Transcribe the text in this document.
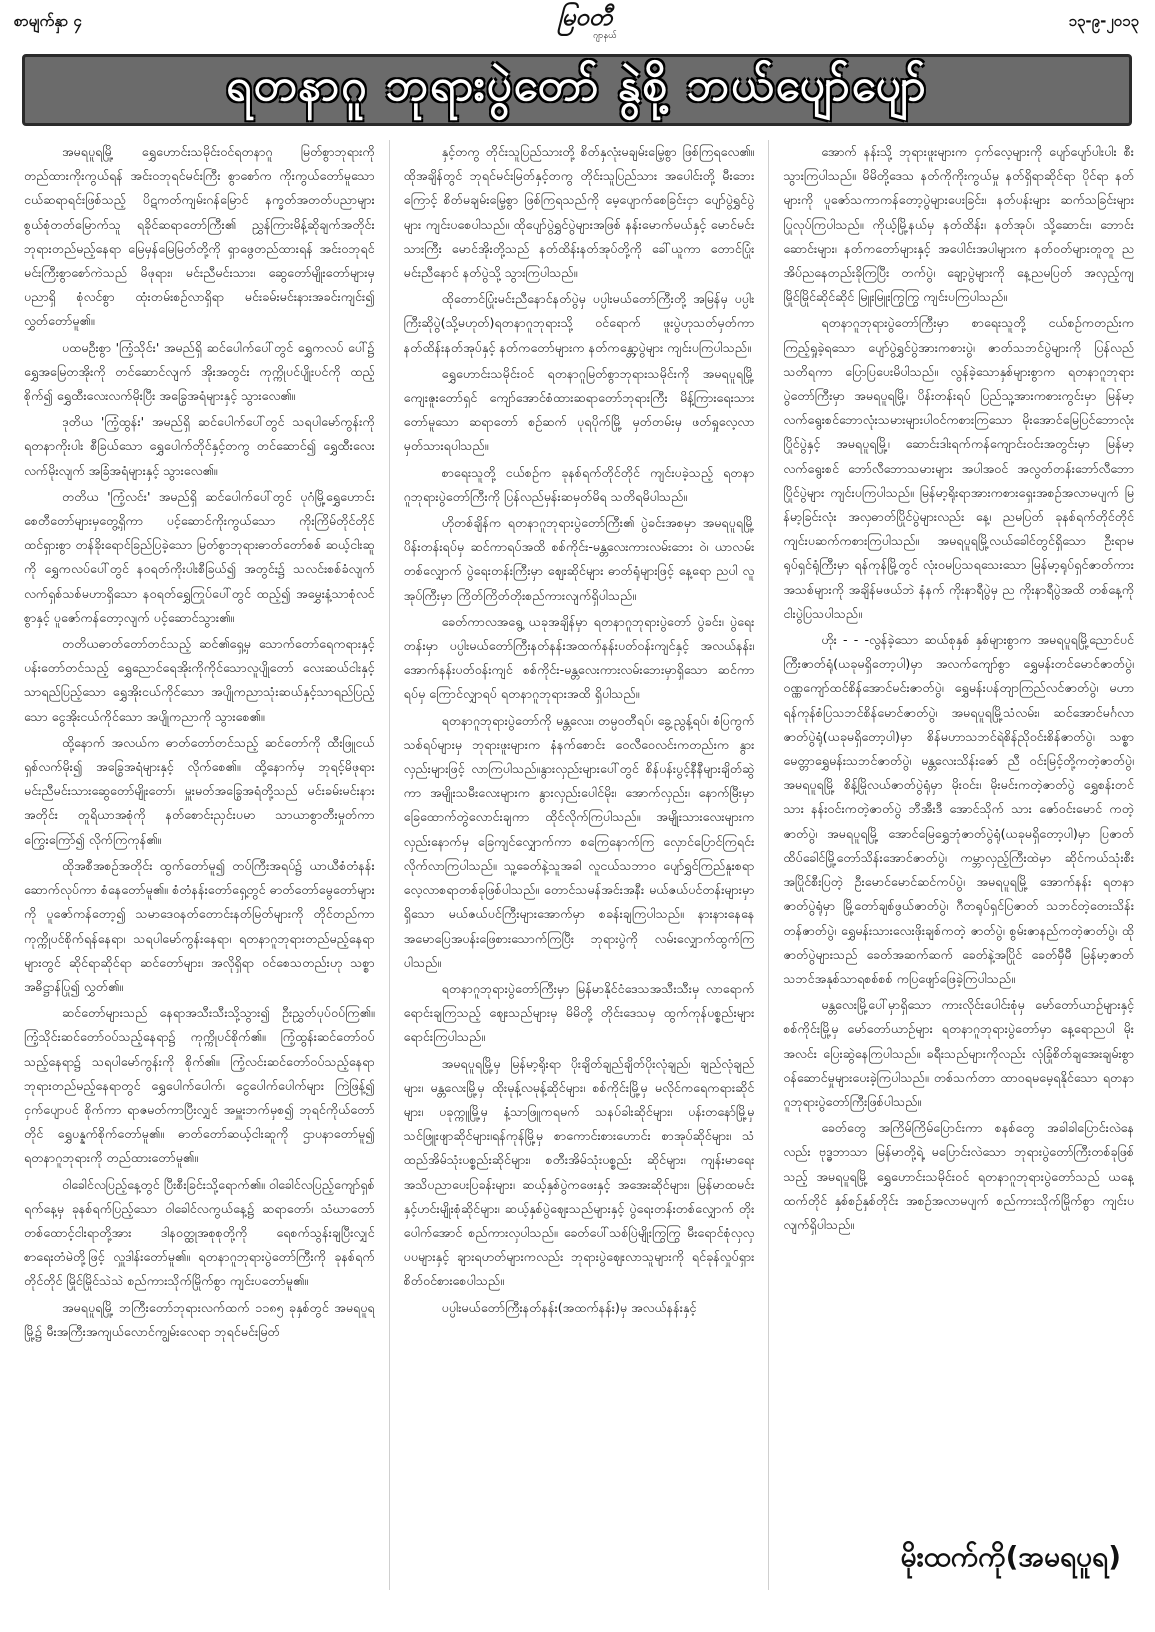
စာမျက်နှာ ၄	မြဝတီ
ဂျာနယ်
၁၃-၉-၂၀၁၃
ရတနာဂူ ဘုရားပွဲတော် နွဲစို့ ဘယ်ပျော်ပျော်

အမရပူရမြို့ ရွှေဟောင်းသမိုင်းဝင်ရတနာဂူ မြတ်စွာဘုရားကို တည်ထားကိုးကွယ်ရန် အင်းဝဘုရင်မင်းကြီး စွာစော်က ကိုးကွယ်တော်မူသော ငယ်ဆရာရင်းဖြစ်သည့် ပိဋကတ်ကျမ်းဂန်မြောင် နက္ခတ်အတတ်ပညာများ စွယ်စုံတတ်မြောက်သူ ရခိုင်ဆရာတော်ကြီး၏ ညွှန်ကြားမိန့်ဆိုချက်အတိုင်း ဘုရားတည်မည့်နေရာ မြေမှန်မြေမြတ်တို့ကို ရှာဖွေတည်ထားရန် အင်းဝဘုရင်မင်းကြီးစွာစော်ကဲသည် မိဖုရား၊ မင်းညီမင်းသား၊ ဆွေတော်မျိုးတော်များမှ ပညာရှိ စုံလင်စွာ ထုံးတမ်းစဉ်လာရှိရာ မင်းခမ်းမင်းနားအခင်းကျင်း၍ လွှတ်တော်မူ၏။

ပထမဦးစွာ 'ကြံ့သိုင်း' အမည်ရှိ ဆင်ပေါက်ပေါ်တွင် ရွှေကလပ် ပေါ်၌ ရွှေအမြေတအိုးကို တင်ဆောင်လျက် အိုးအတွင်း ကုက္ကိုပင်ပျိုးပင်ကို ထည့်စိုက်၍ ရွှေထီးလေးလက်မိုးပြီး အခြွေအရံများနှင့် သွားလေ၏။

ဒုတိယ 'ကြံ့ထွန်း' အမည်ရှိ ဆင်ပေါက်ပေါ်တွင် သရပါမော်ကွန်းကို ရတနာကိုးပါး စီခြယ်သော ရွှေပေါက်တိုင်နှင့်တကွ တင်ဆောင်၍ ရွှေထီးလေးလက်မိုးလျက် အခြံအရံများနှင့် သွားလေ၏။

တတိယ 'ကြံ့လင်း' အမည်ရှိ ဆင်ပေါက်ပေါ်တွင် ပုဂံမြို့ရွှေဟောင်းစေတီတော်များမှတွေ့ရှိကာ ပင့်ဆောင်ကိုးကွယ်သော ကိုးကြိမ်တိုင်တိုင် ထင်ရှားစွာ တန်ခိုးရောင်ခြည်ပြခဲ့သော မြတ်စွာဘုရားဓာတ်တော်စစ် ဆယ့်ငါးဆူကို ရွှေကလပ်ပေါ်တွင် နဝရတ်ကိုးပါးစီခြယ်၍ အတွင်း၌ သလင်းစစ်ခံလျက် လက်ရှစ်သစ်မဟာရှိသော နဝရတ်ရွှေကြုပ်ပေါ်တွင် ထည့်၍ အမွှေးနံ့သာစုံလင်စွာနှင့် ပူဇော်ကန်တော့လျက် ပင့်ဆောင်သွား၏။

တတိယဓာတ်တော်တင်သည့် ဆင်၏ရှေ့မှ သောက်တော်ရေကရားနှင့် ပန်းတော်တင်သည့် ရွှေညောင်ရေအိုးကိုကိုင်သောလူပျိုတော် လေးဆယ်ငါးနှင့်သာရည်ပြည့်သော ရွှေအိုးငယ်ကိုင်သော အပျိုကညာသုံးဆယ်နှင့်သာရည်ပြည့်သော ငွေအိုးငယ်ကိုင်သော အပျိုကညာကို သွားစေ၏။

ထို့နောက် အလယ်က ဓာတ်တော်တင်သည့် ဆင်တော်ကို ထီးဖြူငယ် ရှစ်လက်မိုး၍ အခြွေအရံများနှင့် လိုက်စေ၏။ ထို့နောက်မှ ဘုရင့်မိဖုရားမင်းညီမင်းသားဆွေတော်မျိုးတော်၊ မှူးမတ်အခြွေအရံတို့သည် မင်းခမ်းမင်းနားအတိုင်း တူရိယာအစုံကို နတ်စောင်းညှင်းပမာ သာယာစွာတီးမှုတ်ကာ ကြွေးကြော်၍ လိုက်ကြကုန်၏။

ထိုအစီအစဉ်အတိုင်း ထွက်တော်မူ၍ တပ်ကြီးအရပ်၌ ယာယီစံတံနန်းဆောက်လုပ်ကာ စံနေတော်မူ၏။ စံတံနန်းတော်ရှေ့တွင် ဓာတ်တော်မွေတော်များကို ပူဇော်ကန်တော့၍ သမာဒေဝနတ်တောင်းနတ်မြတ်များကို တိုင်တည်ကာ ကုက္ကိုပင်စိုက်ရန်နေရာ၊ သရပါမော်ကွန်းနေရာ၊ ရတနာဂူဘုရားတည်မည့်နေရာများတွင် ဆိုင်ရာဆိုင်ရာ ဆင်တော်များ၊ အလိုရှိရာ ဝင်စေသတည်းဟု သစ္စာအဓိဋ္ဌာန်ပြု၍ လွှတ်၏။

ဆင်တော်များသည် နေရာအသီးသီးသို့သွား၍ ဦးညွှတ်ပုပ်ဝပ်ကြ၏။ ကြံ့သိုင်းဆင်တော်ဝပ်သည့်နေရာ၌ ကုက္ကိုပင်စိုက်၏။ ကြံ့ထွန်းဆင်တော်ဝပ်သည့်နေရာ၌ သရပါမော်ကွန်းကို စိုက်၏။ ကြံ့လင်းဆင်တော်ဝပ်သည့်နေရာ ဘုရားတည်မည့်နေရာတွင် ရွှေပေါက်ပေါက်၊ ငွေပေါက်ပေါက်များ ကြဲဖြန့်၍ ငှက်ပျောပင် စိုက်ကာ ရာဇမတ်ကာပြီးလျှင် အမှူးဘက်မှစ၍ ဘုရင်ကိုယ်တော်တိုင် ရွှေပန္နက်စိုက်တော်မူ၏။ ဓာတ်တော်ဆယ့်ငါးဆူကို ဌာပနာတော်မူ၍ ရတနာဂူဘုရားကို တည်ထားတော်မူ၏။

ဝါခေါင်လပြည့်နေ့တွင် ပြီးစီးခြင်းသို့ရောက်၏။ ဝါခေါင်လပြည့်ကျော်ရှစ်ရက်နေ့မှ ခုနစ်ရက်ပြည့်သော ဝါခေါင်လကွယ်နေ့၌ ဆရာတော်၊ သံဃာတော်တစ်ထောင့်ငါးရာတို့အား ဒါနဝတ္ထုအစုစုတို့ကို ရေစက်သွန်းချပြီးလျှင် စာရေးတံမဲတို့ဖြင့် လှူဒါန်းတော်မူ၏။ ရတနာဂူဘုရားပွဲတော်ကြီးကို ခုနစ်ရက်တိုင်တိုင် မြိုင်မြိုင်သဲသဲ စည်ကားသိုက်မြိုက်စွာ ကျင်းပတော်မူ၏။

အမရပူရမြို့ ဘကြီးတော်ဘုရားလက်ထက် ၁၁၈၅ ခုနှစ်တွင် အမရပူရမြို့၌ မီးအကြီးအကျယ်လောင်ကျွမ်းလေရာ ဘုရင်မင်းမြတ်

နှင့်တကွ တိုင်းသူပြည်သားတို့ စိတ်နှလုံးမချမ်းမြေ့စွာ ဖြစ်ကြရလေ၏။ ထိုအချိန်တွင် ဘုရင်မင်းမြတ်နှင့်တကွ တိုင်းသူပြည်သား အပေါင်းတို့ မီးဘေးကြောင့် စိတ်မချမ်းမြေ့စွာ ဖြစ်ကြရသည်ကို မေ့ပျောက်စေခြင်းငှာ ပျော်ပွဲရွှင်ပွဲများ ကျင်းပစေပါသည်။ ထိုပျော်ပွဲရွှင်ပွဲများအဖြစ် နန်းမောက်မယ်နှင့် မောင်မင်းသားကြီး မောင်အိုးတို့သည် နတ်ထိန်းနတ်အုပ်တို့ကို ခေါ်ယူကာ တောင်ပြုံးမင်းညီနောင် နတ်ပွဲသို့ သွားကြပါသည်။

ထိုတောင်ပြုံးမင်းညီနောင်နတ်ပွဲမှ ပပ္ပါးမယ်တော်ကြီးတို့ အမြန်မှ ပပ္ပါးကြီးဆိုပွဲ(သို့မဟုတ်)ရတနာဂူဘုရားသို့ ဝင်ရောက် ဖူးပွဲဟုသတ်မှတ်ကာ နတ်ထိန်းနတ်အုပ်နှင့် နတ်ကတော်များက နတ်ကန္တော့ပွဲများ ကျင်းပကြပါသည်။

ရွှေဟောင်းသမိုင်းဝင် ရတနာဂူမြတ်စွာဘုရားသမိုင်းကို အမရပူရမြို့ ကျေးဇူးတော်ရှင် ကျော်အောင်စံထားဆရာတော်ဘုရားကြီး မိန့်ကြားရေးသားတော်မူသော ဆရာတော် စဉ်ဆက် ပုရပိုက်မြို့ မှတ်တမ်းမှ ဖတ်ရှုလေ့လာမှတ်သားရပါသည်။

စာရေးသူတို့ ငယ်စဉ်က ခုနစ်ရက်တိုင်တိုင် ကျင်းပခဲ့သည့် ရတနာဂူဘုရားပွဲတော်ကြီးကို ပြန်လည်မှန်းဆမှတ်မိရ သတိရမိပါသည်။

ဟိုတစ်ချိန်က ရတနာဂူဘုရားပွဲတော်ကြီး၏ ပွဲခင်းအစမှာ အမရပူရမြို့ ပိန်းတန်းရပ်မှ ဆင်ကာရပ်အထိ စစ်ကိုင်း-မန္တလေးကားလမ်းဘေး ဝဲ၊ ယာလမ်းတစ်လျှောက် ပွဲရေးတန်းကြီးမှာ ဈေးဆိုင်များ ဓာတ်ရုံများဖြင့် နေ့ရော ညပါ လူအုပ်ကြီးမှာ ကြိတ်ကြိတ်တိုးစည်ကားလျက်ရှိပါသည်။

ခေတ်ကာလအရွေ့ ယခုအချိန်မှာ ရတနာဂူဘုရားပွဲတော် ပွဲခင်း၊ ပွဲရေးတန်းမှာ ပပ္ပါးမယ်တော်ကြီးနတ်နန်းအထက်နန်းပတ်ဝန်းကျင်နှင့် အလယ်နန်း၊ အောက်နန်းပတ်ဝန်းကျင် စစ်ကိုင်း-မန္တလေးကားလမ်းဘေးမှာရှိသော ဆင်ကာရပ်မှ ကြောင်လျှာရပ် ရတနာဂူဘုရားအထိ ရှိပါသည်။

ရတနာဂူဘုရားပွဲတော်ကို မန္တလေး၊ တမ္ပဝတီရပ်၊ ခွေ့ညွန့်ရပ်၊ စံပြကွက်သစ်ရပ်များမှ ဘုရားဖူးများက နံနက်စောင်း ဝေလီဝေလင်းကတည်းက နွားလှည်းများဖြင့် လာကြပါသည်။နွားလှည်းများပေါ်တွင် စိန်ပန်းပွင့်နီနီများချိတ်ဆွဲကာ အမျိုးသမီးလေးများက နွားလှည်းပေါင်မိုး၊ အောက်လှည်း၊ နောက်မြီးမှာ ခြေထောက်တွဲလောင်းချကာ ထိုင်လိုက်ကြပါသည်။ အမျိုးသားလေးများက လှည်းနောက်မှ ခြေကျင်လျှောက်ကာ စကြေနောက်ကြ လှောင်ပြောင်ကြရင်း လိုက်လာကြပါသည်။ သူ့ခေတ်နဲ့သူအခါ လူငယ်သဘာဝ ပျော်ရွှင်ကြည်နူးစရာ လေ့လာစရာတစ်ခုဖြစ်ပါသည်။ တောင်သမန်အင်းအနီး မယ်ဇယ်ပင်တန်းများမှာရှိသော မယ်ဇယ်ပင်ကြီးများအောက်မှာ စခန်းချကြပါသည်။ နားနားနေနေ အမောပြေအပန်းဖြေစားသောက်ကြပြီး ဘုရားပွဲကို လမ်းလျှောက်ထွက်ကြပါသည်။

ရတနာဂူဘုရားပွဲတော်ကြီးမှာ မြန်မာနိုင်ငံဒေသအသီးသီးမှ လာရောက်ရောင်းချကြသည့် ဈေးသည်များမှ မိမိတို့ တိုင်းဒေသမှ ထွက်ကုန်ပစ္စည်းများ ရောင်းကြပါသည်။

အမရပူရမြို့မှ မြန်မာ့ရိုးရာ ပိုးချိတ်ချည်ချိတ်ပိုးလုံချည်၊ ချည်လုံချည်များ၊ မန္တလေးမြို့မှ ထိုးမုန့်လမုန့်ဆိုင်များ၊ စစ်ကိုင်းမြို့မှ မလိုင်ကရေကရားဆိုင်များ၊ ပခုက္ကူမြို့မှ နံ့သာဖြူကရမက် သနပ်ခါးဆိုင်များ၊ ပန်းတနော်မြို့မှ သင်ဖြူးဖျာဆိုင်များ၊ရန်ကုန်မြို့မှ စာကောင်းစားဟောင်း စာအုပ်ဆိုင်များ၊ သံထည်အိမ်သုံးပစ္စည်းဆိုင်များ၊ စတီးအိမ်သုံးပစ္စည်း ဆိုင်များ၊ ကျန်းမာရေးအသိပညာပေးပြခန်းများ၊ ဆယ့်နှစ်ပွဲကဖေးနှင့် အအေးဆိုင်များ၊ မြန်မာထမင်းနှင့်ဟင်းမျိုးစုံဆိုင်များ၊ ဆယ့်နှစ်ပွဲဈေးသည်များနှင့် ပွဲရေးတန်းတစ်လျှောက် တိုးပေါက်အောင် စည်ကားလှပါသည်။ ခေတ်ပေါ်သစ်ပြဲမျိုးကြွကြွ မီးရောင်စုံလှလှပပများနှင့် ချားရဟတ်များကလည်း ဘုရားပွဲဈေးလာသူများကို ရင်ခုန်လှုပ်ရှားစိတ်ဝင်စားစေပါသည်။

ပပ္ပါးမယ်တော်ကြီးနတ်နန်း(အထက်နန်း)မှ အလယ်နန်းနှင့်

အောက် နန်းသို့ ဘုရားဖူးများက ငှက်လေ့များကို ပျော်ပျော်ပါးပါး စီးသွားကြပါသည်။ မိမိတို့ဒေသ နတ်ကိုကိုးကွယ်မှု နတ်ရှိရာဆိုင်ရာ ပိုင်ရာ နတ်များကို ပူဇော်သကာကန်တော့ပွဲများပေးခြင်း၊ နတ်ပန်းများ ဆက်သခြင်းများ ပြုလုပ်ကြပါသည်။ ကိုယ့်မြို့နယ်မှ နတ်ထိန်း၊ နတ်အုပ်၊ သို့ဆောင်း၊ ဘောင်းဆောင်းများ၊ နတ်ကတော်များနှင့် အပေါင်းအပါများက နတ်ဝတ်များတူတူ ညအိပ်ညနေတည်းခိုကြပြီး တက်ပွဲ၊ ချော့ပွဲများကို နေ့ညမပြတ် အလှည့်ကျမြိုင်မြိုင်ဆိုင်ဆိုင် မြူးမြူးကြွကြွ ကျင်းပကြပါသည်။

ရတနာဂူဘုရားပွဲတော်ကြီးမှာ စာရေးသူတို့ ငယ်စဉ်ကတည်းက ကြည့်ရှုခဲ့ရသော ပျော်ပွဲရွှင်ပွဲအားကစားပွဲ၊ ဇာတ်သဘင်ပွဲများကို ပြန်လည်သတိရကာ ပြောပြပေးမိပါသည်။ လွန်ခဲ့သောနှစ်များစွာက ရတနာဂူဘုရားပွဲတော်ကြီးမှာ အမရပူရမြို့၊ ပိန်းတန်းရပ် ပြည်သူ့အားကစားကွင်းမှာ မြန်မာ့လက်ရွေးစင်ဘောလုံးသမားများပါဝင်ကစားကြသော မိုးအောင်မြေပြင်ဘောလုံးပြိုင်ပွဲနှင့် အမရပူရမြို့၊ ဆောင်းဒါးရက်ကန်ကျောင်းဝင်းအတွင်းမှာ မြန်မာ့လက်ရွေးစင် ဘော်လီဘောသမားများ အပါအဝင် အလွတ်တန်းဘော်လီဘောပြိုင်ပွဲများ ကျင်းပကြပါသည်။ မြန်မာ့ရိုးရာအားကစားရှေးအစဉ်အလာမပျက် မြန်မာ့ခြင်းလုံး အလှဓာတ်ပြိုင်ပွဲများလည်း နေ့၊ ညမပြတ် ခုနစ်ရက်တိုင်တိုင် ကျင်းပဆက်ကစားကြပါသည်။ အမရပူရမြို့လယ်ခေါင်တွင်ရှိသော ဦးရာမရုပ်ရှင်ရုံကြီးမှာ ရန်ကုန်မြို့တွင် လုံးဝမပြသရသေးသော မြန်မာ့ရုပ်ရှင်ဇာတ်ကားအသစ်များကို အချိန်မဖယ်ဘဲ နံနက် ကိုးနာရီပွဲမှ ည ကိုးနာရီပွဲအထိ တစ်နေ့ကို ငါးပွဲပြသပါသည်။

ဟိုး - - -လွန်ခဲ့သော ဆယ်စုနှစ် နှစ်များစွာက အမရပူရမြို့ညောင်ပင်ကြီးဇာတ်ရုံ(ယခုမရှိတော့ပါ)မှာ အလက်ကျော်စွာ ရွှေမန်းတင်မောင်ဇာတ်ပွဲ၊ ဝဏ္ဏကျော်ထင်စိန်အောင်မင်းဇာတ်ပွဲ၊ ရွှေမန်းပန်တျာကြည်လင်ဇာတ်ပွဲ၊ မဟာရန်ကုန်စံပြသဘင်စိန်မောင်ဇာတ်ပွဲ၊ အမရပူရမြို့သံလမ်း၊ ဆင်အောင်မင်္ဂလာဇာတ်ပွဲရုံ(ယခုမရှိတော့ပါ)မှာ စိန်မဟာသဘင်ရဲစိန်ညိုဝင်းစိန်ဇာတ်ပွဲ၊ သစ္စာမေတ္တာရွှေမန်းသဘင်ဇာတ်ပွဲ၊ မန္တလေးသိန်းဇော် ညီ ဝင်းမြင့်တို့ကတဲ့ဇာတ်ပွဲ၊ အမရပူရမြို့ စိန့်မြိုလယ်ဇာတ်ပွဲရုံမှာ မိုးဝင်း၊ မိုးမင်းကတဲ့ဇာတ်ပွဲ ရွှေစန်းတင်သား နန်းဝင်းကတဲ့ဇာတ်ပွဲ ဘီအီးဒီ အောင်သိုက် သား ဇော်ဝင်းမောင် ကတဲ့ ဇာတ်ပွဲ၊ အမရပူရမြို့ အောင်မြေရွှေဘုံဇာတ်ပွဲရုံ(ယခုမရှိတော့ပါ)မှာ ပြဇာတ်ထိပ်ခေါင်မြို့တော်သိန်းအောင်ဇာတ်ပွဲ၊ ကမ္ဘာလှည့်ကြီးထဲမှာ ဆိုင်ကယ်သုံးစီး အပြိုင်စီးပြတဲ့ ဦးမောင်မောင်ဆင်ကပ်ပွဲ၊ အမရပူရမြို့ အောက်နန်း ရတနာဇာတ်ပွဲရုံမှာ မြို့တော်ချစ်ဖွယ်ဇာတ်ပွဲ၊ ဂီတရုပ်ရှင်ပြဇာတ် သဘင်တဲ့တေးသိန်းတန်ဇာတ်ပွဲ၊ ရွှေမန်းသားလေးဖိုးချစ်ကတဲ့ ဇာတ်ပွဲ၊ စွမ်းဇာနည်ကတဲ့ဇာတ်ပွဲ၊ ထိုဇာတ်ပွဲများသည် ခေတ်အဆက်ဆက် ခေတ်နဲ့အပြိုင် ခေတ်မှီမီ မြန်မာ့ဇာတ်သဘင်အနုစ်သာရစစ်စစ် ကပြဖျော်ဖြေခဲ့ကြပါသည်။

မန္တလေးမြို့ပေါ်မှာရှိသော ကားလိုင်းပေါင်းစုံမှ မော်တော်ယာဉ်များနှင့် စစ်ကိုင်းမြို့မှ မော်တော်ယာဉ်များ ရတနာဂူဘုရားပွဲတော်မှာ နေ့ရောညပါ မိုးအလင်း ပြေးဆွဲနေကြပါသည်။ ခရီးသည်များကိုလည်း လုံခြုံစိတ်ချအေးချမ်းစွာ ဝန်ဆောင်မှုများပေးခဲ့ကြပါသည်။ တစ်သက်တာ ထာဝရမမေ့ရနိုင်သော ရတနာဂူဘုရားပွဲတော်ကြီးဖြစ်ပါသည်။

ခေတ်တွေ အကြိမ်ကြိမ်ပြောင်းကာ စနစ်တွေ အခါခါပြောင်းလဲနေလည်း ဗုဒ္ဓဘာသာ မြန်မာတို့ရဲ့ မပြောင်းလဲသော ဘုရားပွဲတော်ကြီးတစ်ခုဖြစ်သည့် အမရပူရမြို့ ရွှေဟောင်းသမိုင်းဝင် ရတနာဂူဘုရားပွဲတော်သည် ယနေ့ထက်တိုင် နှစ်စဉ်နှစ်တိုင်း အစဉ်အလာမပျက် စည်ကားသိုက်မြိုက်စွာ ကျင်းပလျက်ရှိပါသည်။

မိုးထက်ကို(အမရပူရ)
